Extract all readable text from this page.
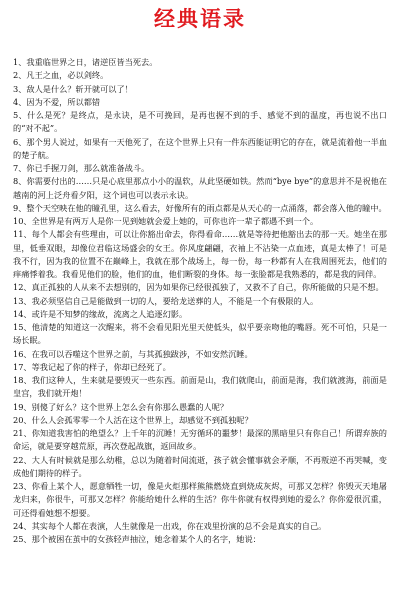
经典语录

1、我重临世界之日，诸逆臣皆当死去。

2、凡王之血，必以剑终。

3、敌人是什么？斩开就可以了！

4、因为不爱，所以都错

5、什么是死？是终点，是永诀，是不可挽回，是再也握不到的手、感觉不到的温度，再也说不出口的“对不起”。

6、那个男人说过，如果有一天他死了，在这个世界上只有一件东西能证明它的存在，就是流着他一半血的楚子航。

7、你已手握刀剑，那么就准备战斗。

8、你需要付出的……只是心底里那点小小的温软，从此坚硬如铁。然而“bye bye”的意思并不是祝他在越南的河上泛舟看夕阳，这个词也可以表示永诀。

9、整个天空映在他的瞳孔里，这么看去，好像所有的雨点都是从天心的一点涌落，都会落入他的瞳中。

10、全世界是有两万人是你一见到她就会爱上她的，可你也许一辈子都遇不到一个。

11、每个人都会有些理由，可以让你豁出命去，你得看命……就是等待把他豁出去的那一天。她坐在那里，低垂双眼，却像位君临这场盛会的女王。你风度翩翩，衣袖上不沾染一点血迹，真是太棒了！可是我不行，因为我的位置不在巅峰上，我就在那个战场上，每一份，每一秒都有人在我周围死去，他们的痒痛悸着我。我看见他们的脸，他们的血，他们断裂的身体。每一张脸都是我熟悉的，都是我的同伴。

12、真正孤独的人从来不去想别的，因为如果你已经很孤独了，又救不了自己，你所能做的只是不想。

13、我必须坚信自己是能做到一切的人，要给龙送葬的人，不能是一个有极限的人。

14、或许是不知梦的缘故，流离之人追逐幻影。

15、他清楚的知道这一次醒来，将不会看见阳光里天使低头，似乎要亲吻他的嘴唇。死不可怕，只是一场长眠。

16、在我可以吞噬这个世界之前，与其孤独跋涉，不如安然沉睡。

17、等我记起了你的样子，你却已经死了。

18、我们这种人，生来就是要毁灭一些东西。前面是山，我们就爬山，前面是海，我们就渡海，前面是皇宫，我们就开炮！

19、别傻了好么？这个世界上怎么会有你那么愚蠢的人呢？

20、什么人会孤零零一个人活在这个世界上，却感觉不到孤独呢？

21、你知道我害怕的绝望么？上千年的沉睡！无穷循环的噩梦！最深的黑暗里只有你自己！所谓弃族的命运，就是要穿越荒原，再次登起战旗，返回故乡。

22、大人有时候就是那么幼稚，总以为随着时间流逝，孩子就会懂事就会矛顺，不再叛逆不再哭喊，变成他们期待的样子。

23、你看上某个人，愿意牺牲一切，像是火炬那样熊熊燃烧直到烧成灰烬，可那又怎样？你毁灭天地屠龙归来，你很牛，可那又怎样？你能给她什么样的生活？你牛你就有权得到她的爱么？你你爱很沉重，可还得看她想不想要。

24、其实每个人都在表演，人生就像是一出戏，你在戏里扮演的总不会是真实的自己。

25、那个被困在茧中的女孩轻声抽泣，她念着某个人的名字，她说：
